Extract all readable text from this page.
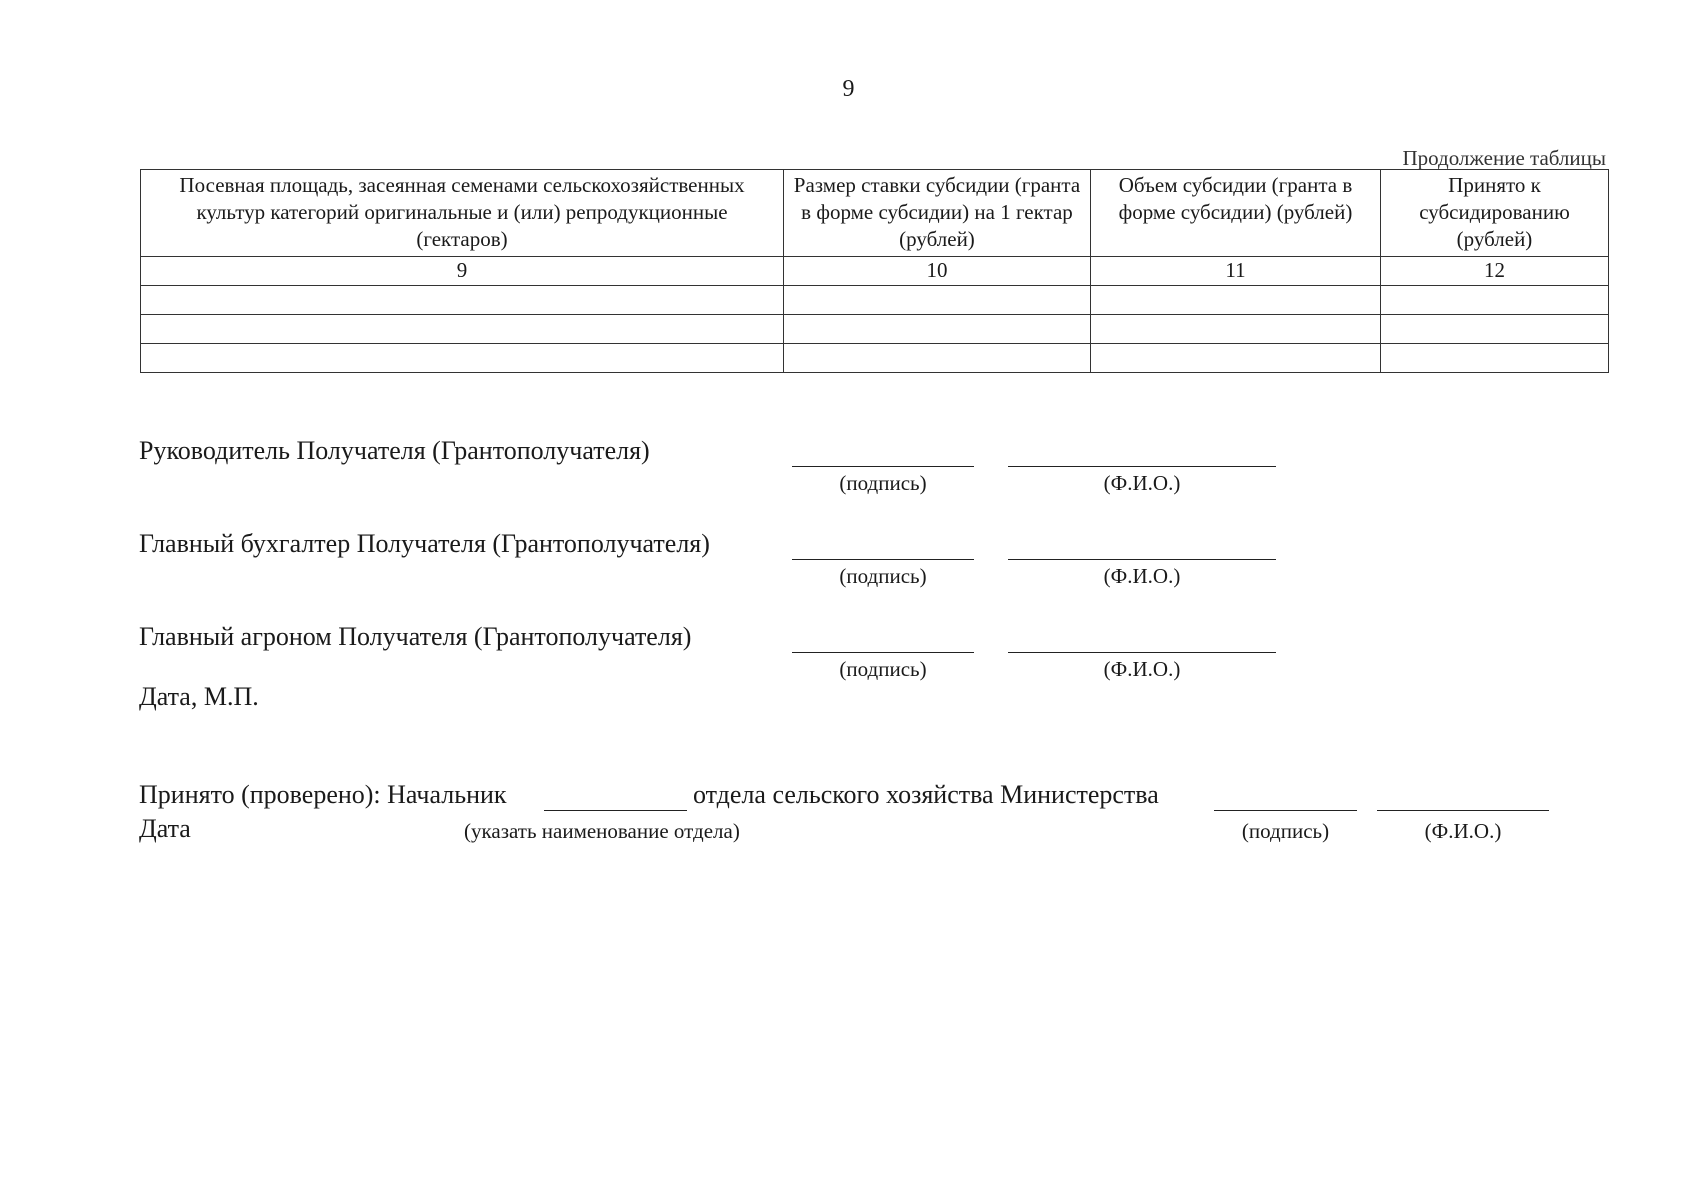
9
Продолжение таблицы
Посевная площадь, засеянная семенами сельскохозяйственных культур категорий оригинальные и (или) репродукционные (гектаров)	Размер ставки субсидии (гранта в форме субсидии) на 1 гектар (рублей)	Объем субсидии (гранта в форме субсидии) (рублей)	Принято к субсидированию (рублей)
9	10	11	12

Руководитель Получателя (Грантополучателя)
(подпись)	(Ф.И.О.)
Главный бухгалтер Получателя (Грантополучателя)
(подпись)	(Ф.И.О.)
Главный агроном Получателя (Грантополучателя)
(подпись)	(Ф.И.О.)
Дата, М.П.
Принято (проверено): Начальник	отдела сельского хозяйства Министерства
Дата	(указать наименование отдела)	(подпись)	(Ф.И.О.)
